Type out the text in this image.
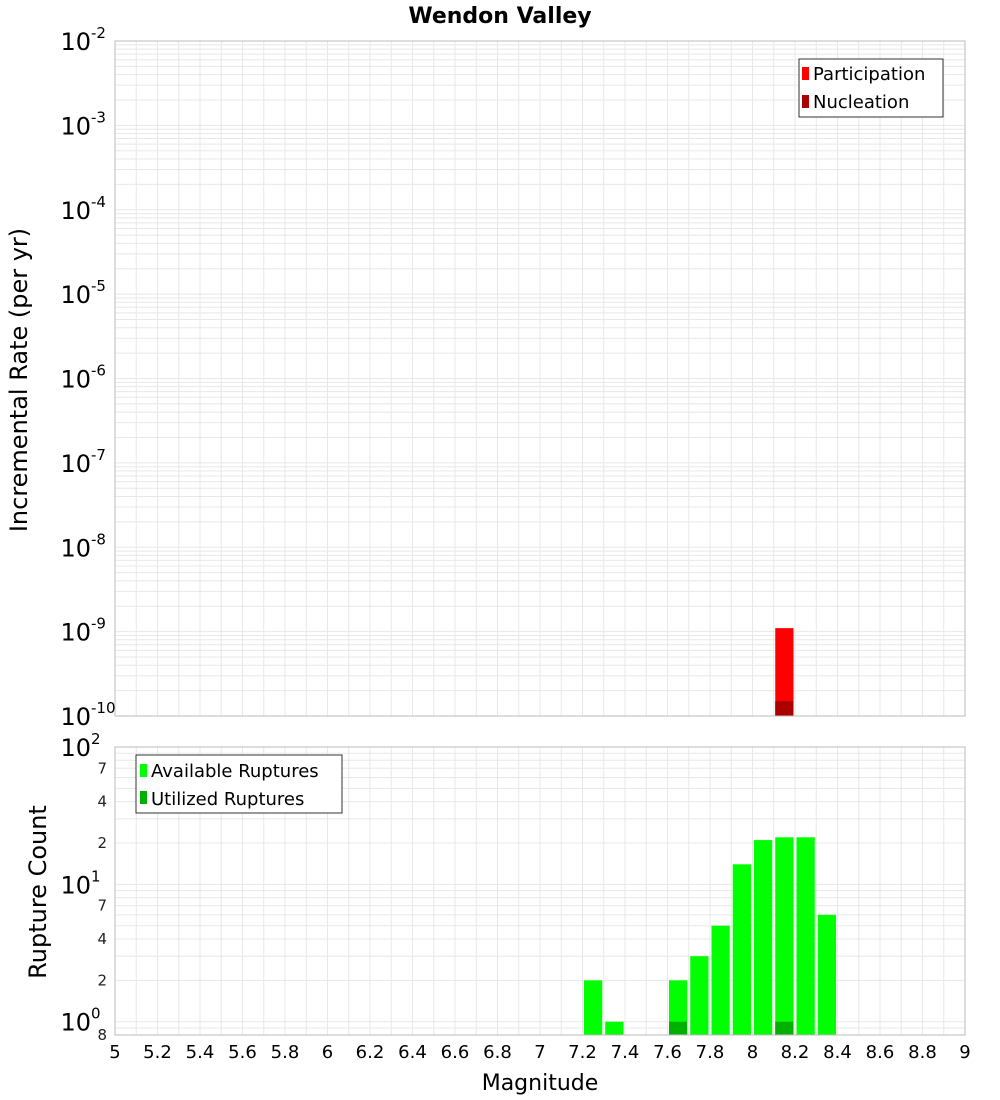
Wendon Valley
10 -10
10 -9
10 -8
10 -7
10 -6
10 -5
10 -4
10 -3
10 -2
Incremental Rate (per yr)
Participation
Nucleation
8
10 0
2
4
7
10 1
2
4
7
10 2
5 5.2 5.4 5.6 5.8 6 6.2 6.4 6.6 6.8 7 7.2 7.4 7.6 7.8 8 8.2 8.4 8.6 8.8 9
Rupture Count
Magnitude
Available Ruptures
Utilized Ruptures
